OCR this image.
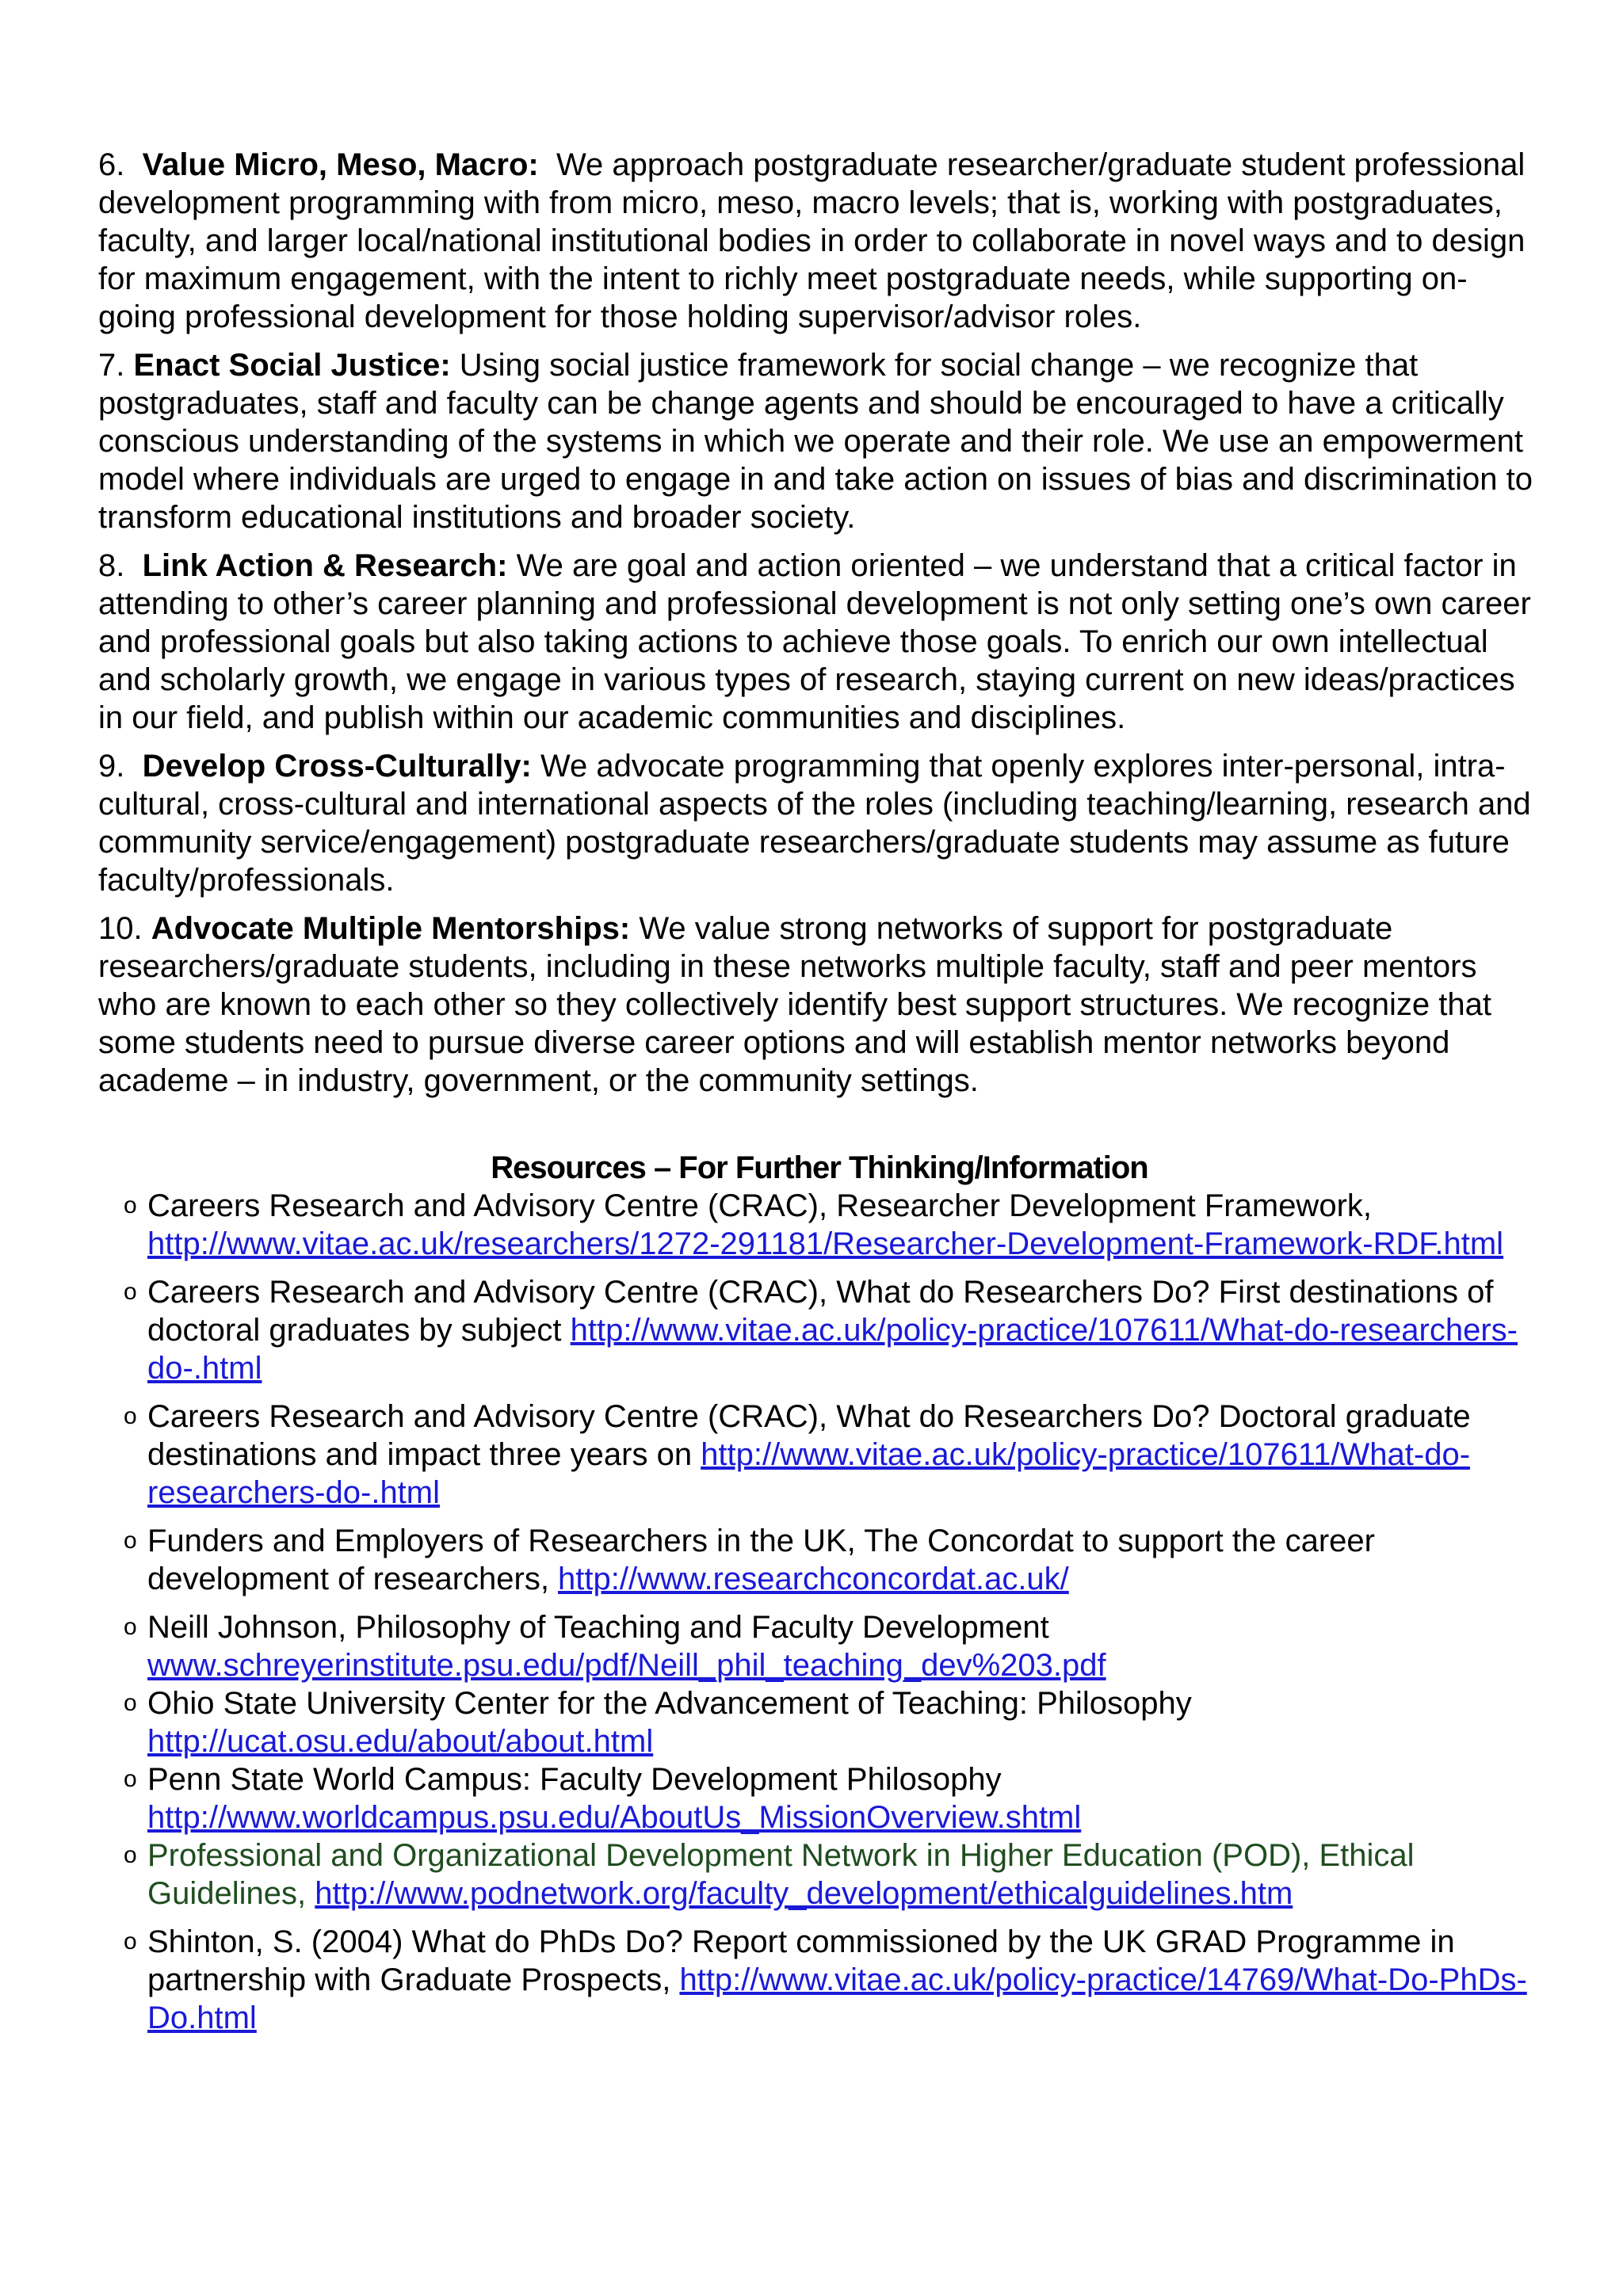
6. Value Micro, Meso, Macro: We approach postgraduate researcher/graduate student professional development programming with from micro, meso, macro levels; that is, working with postgraduates, faculty, and larger local/national institutional bodies in order to collaborate in novel ways and to design for maximum engagement, with the intent to richly meet postgraduate needs, while supporting on-going professional development for those holding supervisor/advisor roles.

7. Enact Social Justice: Using social justice framework for social change – we recognize that postgraduates, staff and faculty can be change agents and should be encouraged to have a critically conscious understanding of the systems in which we operate and their role. We use an empowerment model where individuals are urged to engage in and take action on issues of bias and discrimination to transform educational institutions and broader society.

8. Link Action & Research: We are goal and action oriented – we understand that a critical factor in attending to other’s career planning and professional development is not only setting one’s own career and professional goals but also taking actions to achieve those goals. To enrich our own intellectual and scholarly growth, we engage in various types of research, staying current on new ideas/practices in our field, and publish within our academic communities and disciplines.

9. Develop Cross-Culturally: We advocate programming that openly explores inter-personal, intra-cultural, cross-cultural and international aspects of the roles (including teaching/learning, research and community service/engagement) postgraduate researchers/graduate students may assume as future faculty/professionals.

10. Advocate Multiple Mentorships: We value strong networks of support for postgraduate researchers/graduate students, including in these networks multiple faculty, staff and peer mentors who are known to each other so they collectively identify best support structures. We recognize that some students need to pursue diverse career options and will establish mentor networks beyond academe – in industry, government, or the community settings.

Resources – For Further Thinking/Information
o Careers Research and Advisory Centre (CRAC), Researcher Development Framework, http://www.vitae.ac.uk/researchers/1272-291181/Researcher-Development-Framework-RDF.html
o Careers Research and Advisory Centre (CRAC), What do Researchers Do? First destinations of doctoral graduates by subject http://www.vitae.ac.uk/policy-practice/107611/What-do-researchers-do-.html
o Careers Research and Advisory Centre (CRAC), What do Researchers Do? Doctoral graduate destinations and impact three years on http://www.vitae.ac.uk/policy-practice/107611/What-do-researchers-do-.html
o Funders and Employers of Researchers in the UK, The Concordat to support the career development of researchers, http://www.researchconcordat.ac.uk/
o Neill Johnson, Philosophy of Teaching and Faculty Development www.schreyerinstitute.psu.edu/pdf/Neill_phil_teaching_dev%203.pdf
o Ohio State University Center for the Advancement of Teaching: Philosophy http://ucat.osu.edu/about/about.html
o Penn State World Campus: Faculty Development Philosophy http://www.worldcampus.psu.edu/AboutUs_MissionOverview.shtml
o Professional and Organizational Development Network in Higher Education (POD), Ethical Guidelines, http://www.podnetwork.org/faculty_development/ethicalguidelines.htm
o Shinton, S. (2004) What do PhDs Do? Report commissioned by the UK GRAD Programme in partnership with Graduate Prospects, http://www.vitae.ac.uk/policy-practice/14769/What-Do-PhDs-Do.html
